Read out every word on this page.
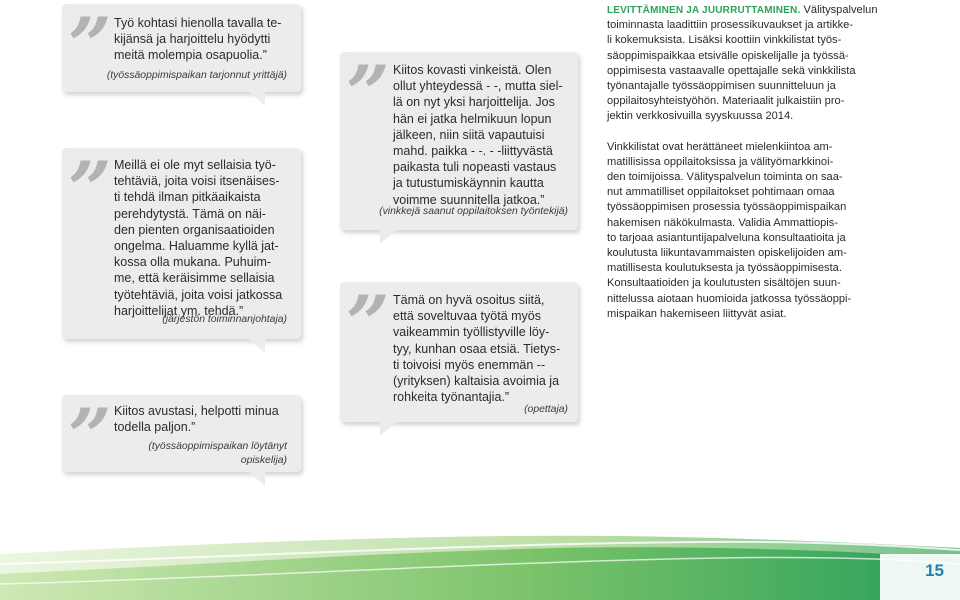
” Työ kohtasi hienolla tavalla te-
kijänsä ja harjoittelu hyödytti
meitä molempia osapuolia.”

(työssäoppimispaikan tarjonnut yrittäjä)

” Meillä ei ole myt sellaisia työ-
tehtäviä, joita voisi itsenäises-
ti tehdä ilman pitkäaikaista
perehdytystä. Tämä on näi-
den pienten organisaatioiden
ongelma. Haluamme kyllä jat-
kossa olla mukana. Puhuim-
me, että keräisimme sellaisia
työtehtäviä, joita voisi jatkossa
harjoittelijat ym. tehdä.”

(järjestön toiminnanjohtaja)

” Kiitos avustasi, helpotti minua
todella paljon.”

(työssäoppimispaikan löytänyt
opiskelija)

” Kiitos kovasti vinkeistä. Olen
ollut yhteydessä - -, mutta siel-
lä on nyt yksi harjoittelija. Jos
hän ei jatka helmikuun lopun
jälkeen, niin siitä vapautuisi
mahd. paikka - -. - -liittyvästä
paikasta tuli nopeasti vastaus
ja tutustumiskäynnin kautta
voimme suunnitella jatkoa.”

(vinkkejä saanut oppilaitoksen työntekijä)

” Tämä on hyvä osoitus siitä,
että soveltuvaa työtä myös
vaikeammin työllistyville löy-
tyy, kunhan osaa etsiä. Tietys-
ti toivoisi myös enemmän --
(yrityksen) kaltaisia avoimia ja
rohkeita työnantajia.”

(opettaja)

LEVITTÄMINEN JA JUURRUTTAMINEN. Välityspalvelun
toiminnasta laadittiin prosessikuvaukset ja artikke-
li kokemuksista. Lisäksi koottiin vinkkilistat työs-
säoppimispaikkaa etsivälle opiskelijalle ja työssä-
oppimisesta vastaavalle opettajalle sekä vinkkilista
työnantajalle työssäoppimisen suunnitteluun ja
oppilaitosyhteistyöhön. Materiaalit julkaistiin pro-
jektin verkkosivuilla syyskuussa 2014.
Vinkkilistat ovat herättäneet mielenkiintoa am-
matillisissa oppilaitoksissa ja välityömarkkinoi-
den toimijoissa. Välityspalvelun toiminta on saa-
nut ammatilliset oppilaitokset pohtimaan omaa
työssäoppimisen prosessia työssäoppimispaikan
hakemisen näkökulmasta. Validia Ammattiopis-
to tarjoaa asiantuntijapalveluna konsultaatioita ja
koulutusta liikuntavammaisten opiskelijoiden am-
matillisesta koulutuksesta ja työssäoppimisesta.
Konsultaatioiden ja koulutusten sisältöjen suun-
nittelussa aiotaan huomioida jatkossa työssäoppi-
mispaikan hakemiseen liittyvät asiat.
15
